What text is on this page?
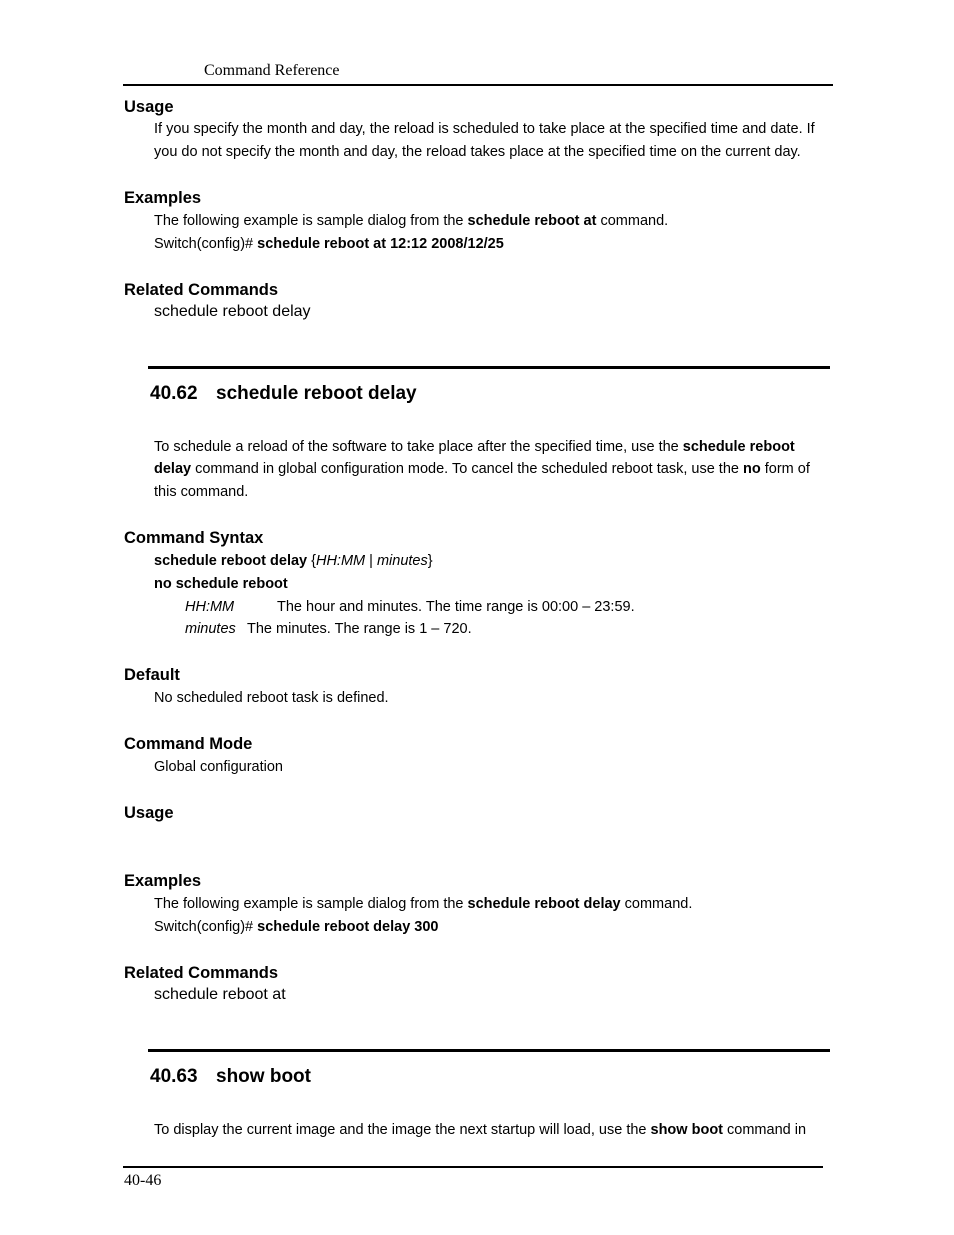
Command Reference
Usage
If you specify the month and day, the reload is scheduled to take place at the specified time and date. If
you do not specify the month and day, the reload takes place at the specified time on the current day.
Examples
The following example is sample dialog from the schedule reboot at command.
Switch(config)# schedule reboot at 12:12 2008/12/25
Related Commands
schedule reboot delay
40.62 schedule reboot delay
To schedule a reload of the software to take place after the specified time, use the schedule reboot
delay command in global configuration mode. To cancel the scheduled reboot task, use the no form of
this command.
Command Syntax
schedule reboot delay {HH:MM | minutes}
no schedule reboot
HH:MM	The hour and minutes. The time range is 00:00 – 23:59.
minutes The minutes. The range is 1 – 720.
Default
No scheduled reboot task is defined.
Command Mode
Global configuration
Usage
Examples
The following example is sample dialog from the schedule reboot delay command.
Switch(config)# schedule reboot delay 300
Related Commands
schedule reboot at
40.63 show boot
To display the current image and the image the next startup will load, use the show boot command in
40-46
